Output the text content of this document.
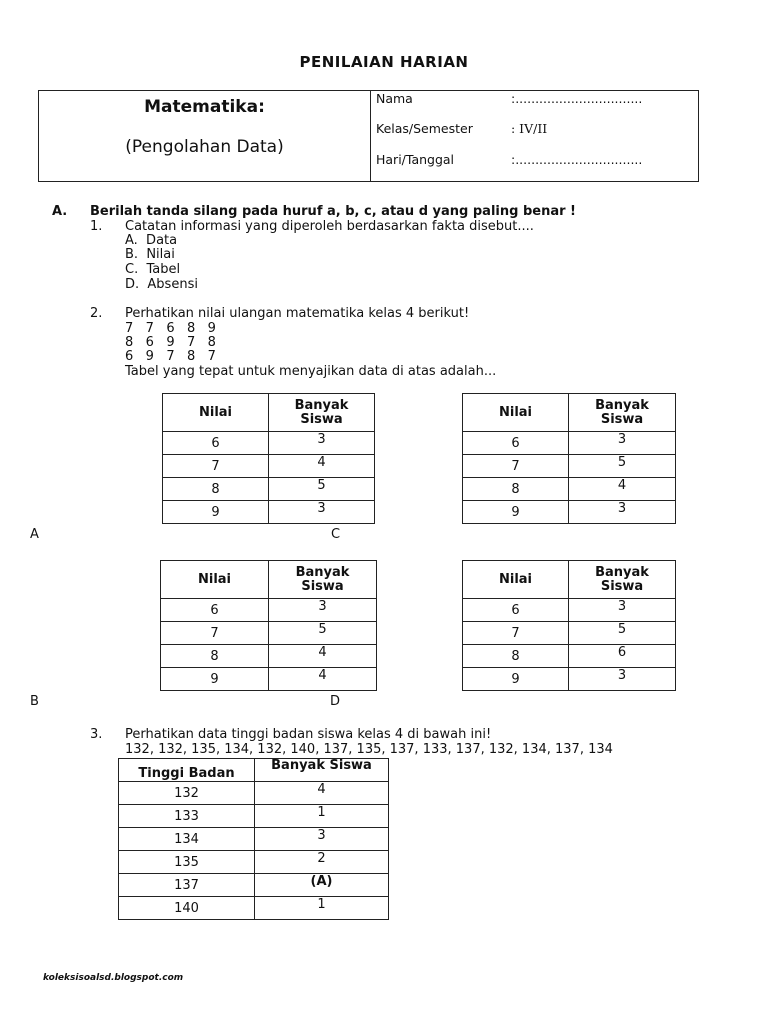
PENILAIAN HARIAN
Matematika:
(Pengolahan Data)
Nama	:................................
Kelas/Semester	: IV/II
Hari/Tanggal	:................................
A. Berilah tanda silang pada huruf a, b, c, atau d yang paling benar !
1. Catatan informasi yang diperoleh berdasarkan fakta disebut....
A.  Data
B.  Nilai
C.  Tabel
D.  Absensi
2. Perhatikan nilai ulangan matematika kelas 4 berikut!
7   7   6   8   9
8   6   9   7   8
6   9   7   8   7
Tabel yang tepat untuk menyajikan data di atas adalah...
Nilai	Banyak
Siswa
6	3
7	4
8	5
9	3
Nilai	Banyak
Siswa
6	3
7	5
8	4
9	3
A	C
Nilai	Banyak
Siswa
6	3
7	5
8	4
9	4
Nilai	Banyak
Siswa
6	3
7	5
8	6
9	3
B	D
3. Perhatikan data tinggi badan siswa kelas 4 di bawah ini!
132, 132, 135, 134, 132, 140, 137, 135, 137, 133, 137, 132, 134, 137, 134
Tinggi Badan	Banyak Siswa
132	4
133	1
134	3
135	2
137	(A)
140	1
koleksisoalsd.blogspot.com
